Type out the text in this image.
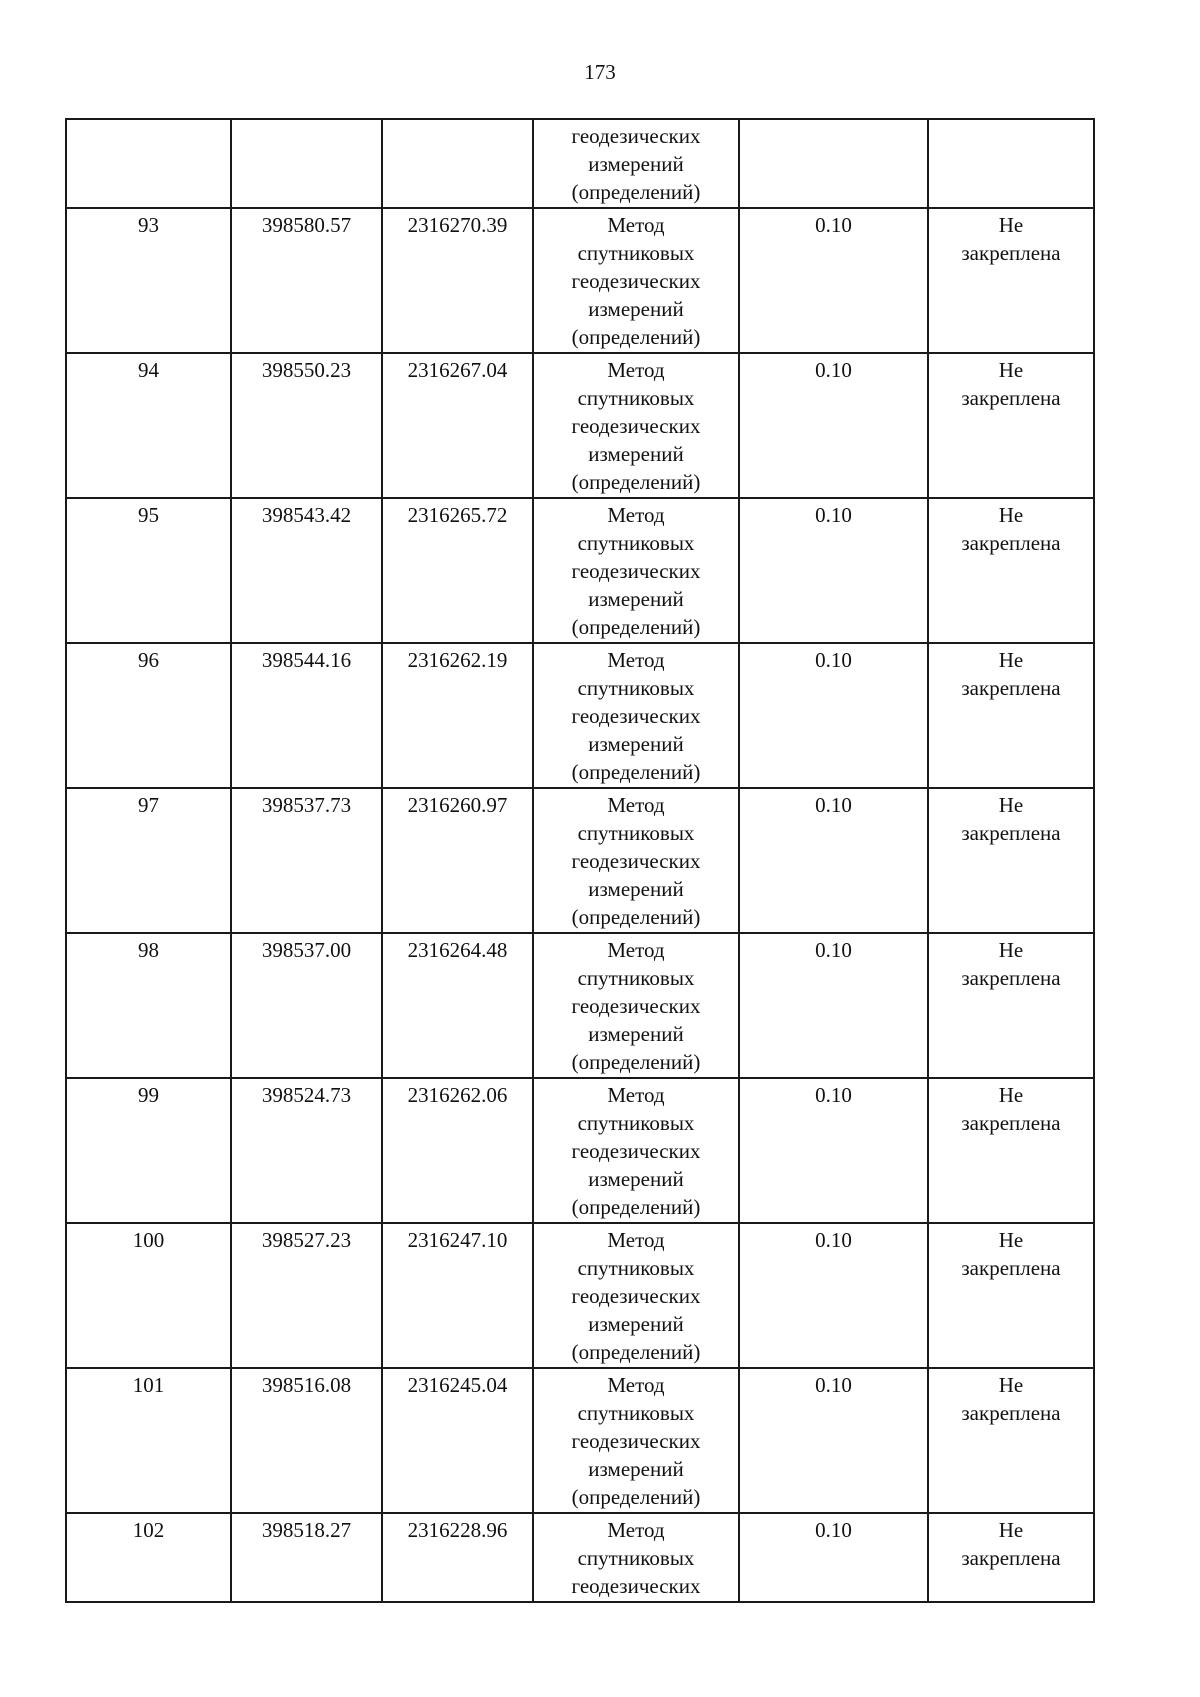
173

			геодезических
измерений
(определений)		

93	398580.57	2316270.39	Метод
спутниковых
геодезических
измерений
(определений)	0.10	Не
закреплена

94	398550.23	2316267.04	Метод
спутниковых
геодезических
измерений
(определений)	0.10	Не
закреплена

95	398543.42	2316265.72	Метод
спутниковых
геодезических
измерений
(определений)	0.10	Не
закреплена

96	398544.16	2316262.19	Метод
спутниковых
геодезических
измерений
(определений)	0.10	Не
закреплена

97	398537.73	2316260.97	Метод
спутниковых
геодезических
измерений
(определений)	0.10	Не
закреплена

98	398537.00	2316264.48	Метод
спутниковых
геодезических
измерений
(определений)	0.10	Не
закреплена

99	398524.73	2316262.06	Метод
спутниковых
геодезических
измерений
(определений)	0.10	Не
закреплена

100	398527.23	2316247.10	Метод
спутниковых
геодезических
измерений
(определений)	0.10	Не
закреплена

101	398516.08	2316245.04	Метод
спутниковых
геодезических
измерений
(определений)	0.10	Не
закреплена

102	398518.27	2316228.96	Метод
спутниковых
геодезических	0.10	Не
закреплена
